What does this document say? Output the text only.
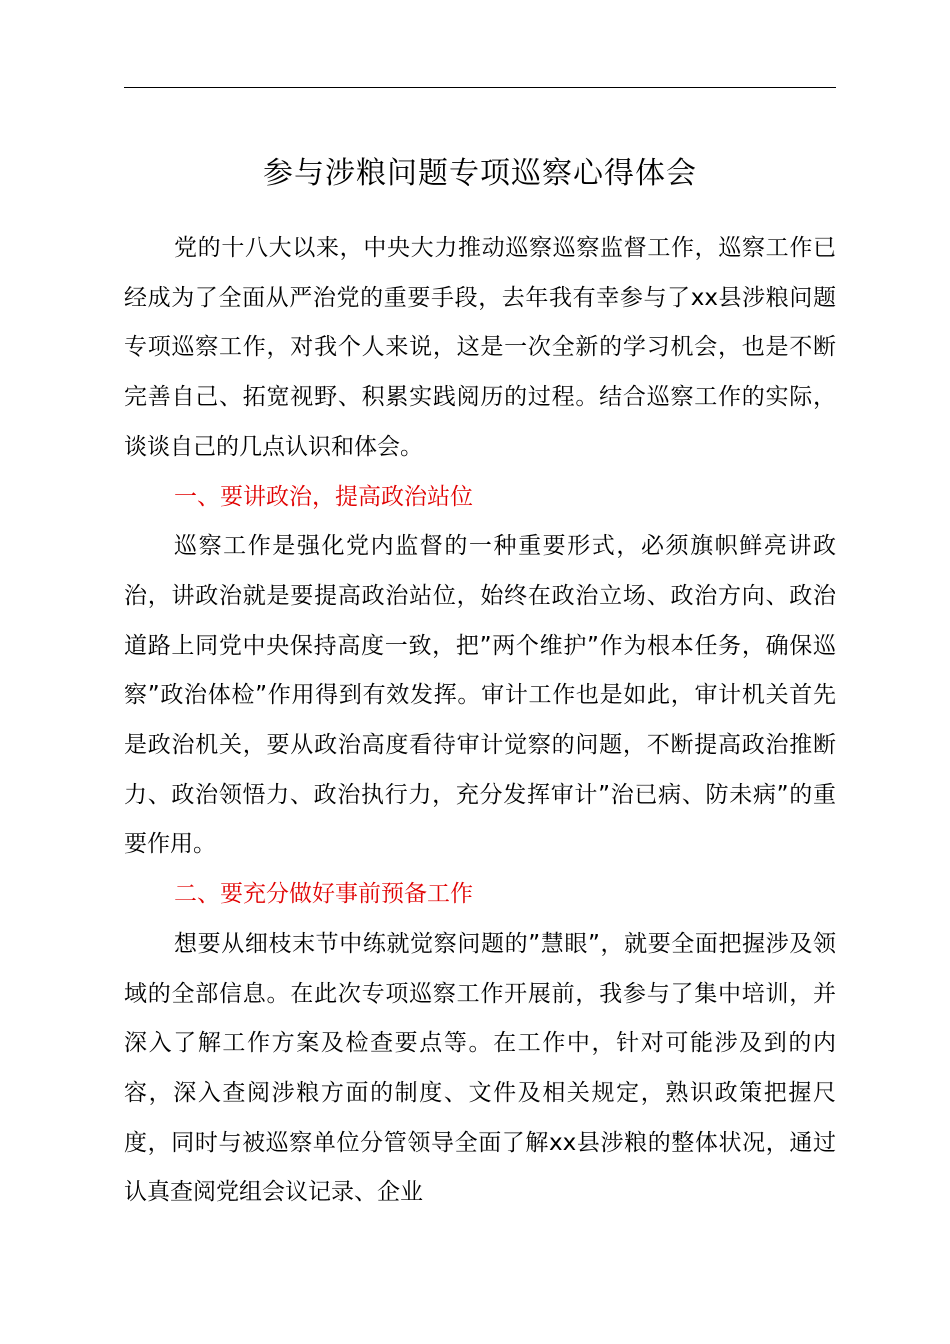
参与涉粮问题专项巡察心得体会

党的十八大以来，中央大力推动巡察巡察监督工作，巡察工作已经成为了全面从严治党的重要手段，去年我有幸参与了xx县涉粮问题专项巡察工作，对我个人来说，这是一次全新的学习机会，也是不断完善自己、拓宽视野、积累实践阅历的过程。结合巡察工作的实际，谈谈自己的几点认识和体会。

一、要讲政治，提高政治站位

巡察工作是强化党内监督的一种重要形式，必须旗帜鲜亮讲政治，讲政治就是要提高政治站位，始终在政治立场、政治方向、政治道路上同党中央保持高度一致，把”两个维护”作为根本任务，确保巡察”政治体检”作用得到有效发挥。审计工作也是如此，审计机关首先是政治机关，要从政治高度看待审计觉察的问题，不断提高政治推断力、政治领悟力、政治执行力，充分发挥审计”治已病、防未病”的重要作用。

二、要充分做好事前预备工作

想要从细枝末节中练就觉察问题的”慧眼”，就要全面把握涉及领域的全部信息。在此次专项巡察工作开展前，我参与了集中培训，并深入了解工作方案及检查要点等。在工作中，针对可能涉及到的内容，深入查阅涉粮方面的制度、文件及相关规定，熟识政策把握尺度，同时与被巡察单位分管领导全面了解xx县涉粮的整体状况，通过认真查阅党组会议记录、企业
